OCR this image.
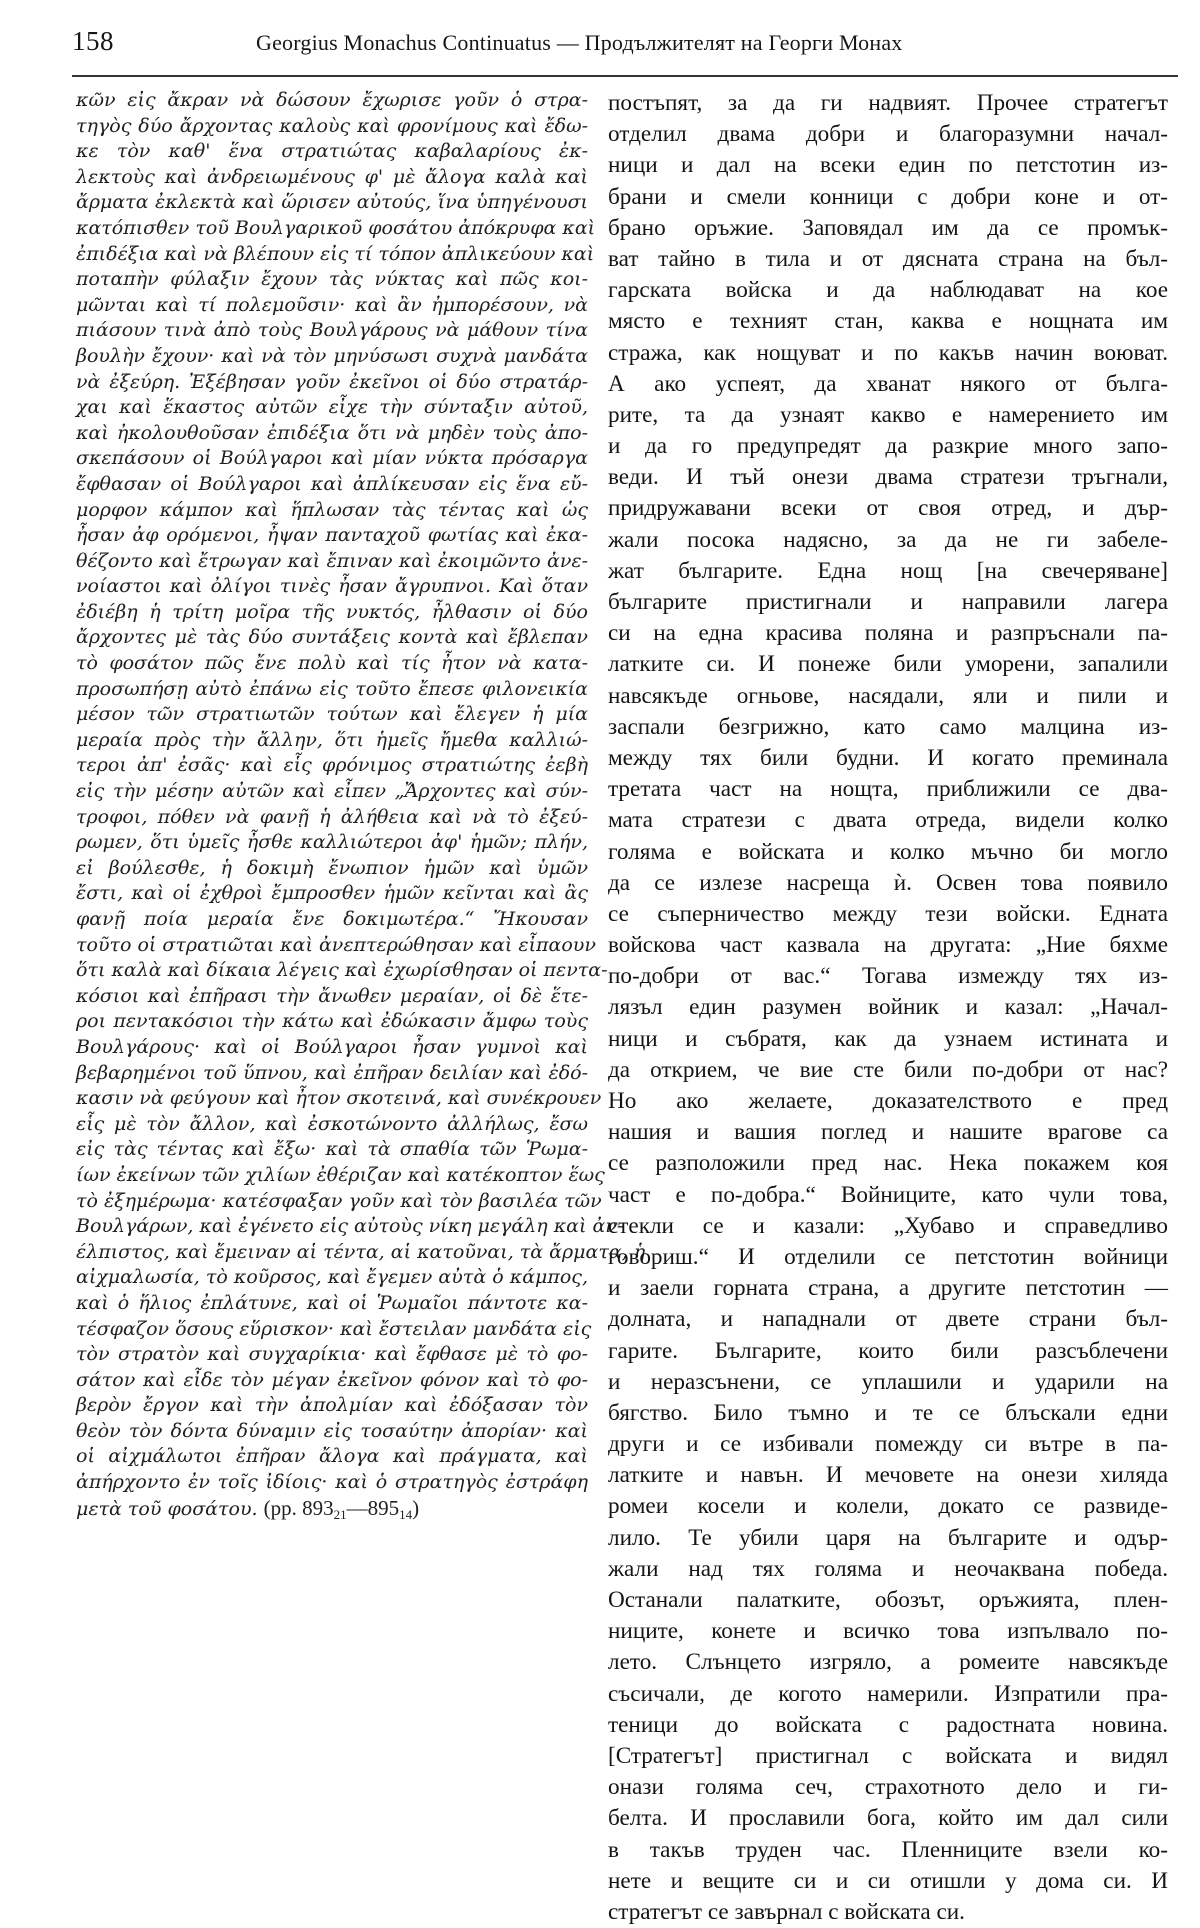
158	Georgius Monachus Continuatus — Продължителят на Георги Монах
κῶν εἰς ἄκραν νὰ δώσουν ἔχωρισε γοῦν ὁ στρα-
τηγὸς δύο ἄρχοντας καλοὺς καὶ φρονίμους καὶ ἔδω-
κε τὸν καθ' ἕνα στρατιώτας καβαλαρίους ἐκ-
λεκτοὺς καὶ ἀνδρειωμένους φ' μὲ ἄλογα καλὰ καὶ
ἄρματα ἐκλεκτὰ καὶ ὥρισεν αὐτούς, ἵνα ὑπηγένουσι
κατόπισθεν τοῦ Βουλγαρικοῦ φοσάτου ἀπόκρυφα καὶ
ἐπιδέξια καὶ νὰ βλέπουν εἰς τί τόπον ἀπλικεύουν καὶ
ποταπὴν φύλαξιν ἔχουν τὰς νύκτας καὶ πῶς κοι-
μῶνται καὶ τί πολεμοῦσιν· καὶ ἂν ἠμπορέσουν, νὰ
πιάσουν τινὰ ἀπὸ τοὺς Βουλγάρους νὰ μάθουν τίνα
βουλὴν ἔχουν· καὶ νὰ τὸν μηνύσωσι συχνὰ μανδάτα
νὰ ἐξεύρη. Ἐξέβησαν γοῦν ἐκεῖνοι οἱ δύο στρατάρ-
χαι καὶ ἕκαστος αὐτῶν εἶχε τὴν σύνταξιν αὐτοῦ,
καὶ ἠκολουθοῦσαν ἐπιδέξια ὅτι νὰ μηδὲν τοὺς ἀπο-
σκεπάσουν οἱ Βούλγαροι καὶ μίαν νύκτα πρόσαργα
ἔφθασαν οἱ Βούλγαροι καὶ ἀπλίκευσαν εἰς ἕνα εὔ-
μορφον κάμπον καὶ ἥπλωσαν τὰς τέντας καὶ ὡς
ἦσαν ἀφ ορόμενοι, ἦψαν πανταχοῦ φωτίας καὶ ἐκα-
θέζοντο καὶ ἔτρωγαν καὶ ἔπιναν καὶ ἐκοιμῶντο ἀνε-
νοίαστοι καὶ ὀλίγοι τινὲς ἦσαν ἄγρυπνοι. Καὶ ὅταν
ἐδιέβη ἡ τρίτη μοῖρα τῆς νυκτός, ἦλθασιν οἱ δύο
ἄρχοντες μὲ τὰς δύο συντάξεις κοντὰ καὶ ἔβλεπαν
τὸ φοσάτον πῶς ἔνε πολὺ καὶ τίς ἦτον νὰ κατα-
προσωπήσῃ αὐτὸ ἐπάνω εἰς τοῦτο ἔπεσε φιλονεικία
μέσον τῶν στρατιωτῶν τούτων καὶ ἔλεγεν ἡ μία
μεραία πρὸς τὴν ἄλλην, ὅτι ἡμεῖς ἤμεθα καλλιώ-
τεροι ἀπ' ἐσᾶς· καὶ εἷς φρόνιμος στρατιώτης ἐεβὴ
εἰς τὴν μέσην αὐτῶν καὶ εἶπεν „Ἄρχοντες καὶ σύν-
τροφοι, πόθεν νὰ φανῇ ἡ ἀλήθεια καὶ νὰ τὸ ἐξεύ-
ρωμεν, ὅτι ὑμεῖς ἦσθε καλλιώτεροι ἀφ' ἡμῶν; πλήν,
εἰ βούλεσθε, ἡ δοκιμὴ ἔνωπιον ἡμῶν καὶ ὑμῶν
ἔστι, καὶ οἱ ἐχθροὶ ἔμπροσθεν ἡμῶν κεῖνται καὶ ἂς
φανῇ ποία μεραία ἔνε δοκιμωτέρα.“ Ἤκουσαν
τοῦτο οἱ στρατιῶται καὶ ἀνεπτερώθησαν καὶ εἶπαουν
ὅτι καλὰ καὶ δίκαια λέγεις καὶ ἐχωρίσθησαν οἱ πεντα-
κόσιοι καὶ ἐπῆρασι τὴν ἄνωθεν μεραίαν, οἱ δὲ ἕτε-
ροι πεντακόσιοι τὴν κάτω καὶ ἐδώκασιν ἄμφω τοὺς
Βουλγάρους· καὶ οἱ Βούλγαροι ἦσαν γυμνοὶ καὶ
βεβαρημένοι τοῦ ὕπνου, καὶ ἐπῆραν δειλίαν καὶ ἐδό-
κασιν νὰ φεύγουν καὶ ἦτον σκοτεινά, καὶ συνέκρουεν
εἷς μὲ τὸν ἄλλον, καὶ ἐσκοτώνοντο ἀλλήλως, ἔσω
εἰς τὰς τέντας καὶ ἔξω· καὶ τὰ σπαθία τῶν Ῥωμα-
ίων ἐκείνων τῶν χιλίων ἐθέριζαν καὶ κατέκοπτον ἕως
τὸ ἐξημέρωμα· κατέσφαξαν γοῦν καὶ τὸν βασιλέα τῶν
Βουλγάρων, καὶ ἐγένετο εἰς αὐτοὺς νίκη μεγάλη καὶ ἀν-
έλπιστος, καὶ ἔμειναν αἱ τέντα, αἱ κατοῦναι, τὰ ἄρματα, ἡ
αἰχμαλωσία, τὸ κοῦρσος, καὶ ἔγεμεν αὐτὰ ὁ κάμπος,
καὶ ὁ ἥλιος ἐπλάτυνε, καὶ οἱ Ῥωμαῖοι πάντοτε κα-
τέσφαζον ὅσους εὕρισκον· καὶ ἔστειλαν μανδάτα εἰς
τὸν στρατὸν καὶ συγχαρίκια· καὶ ἔφθασε μὲ τὸ φο-
σάτον καὶ εἶδε τὸν μέγαν ἐκεῖνον φόνον καὶ τὸ φο-
βερὸν ἔργον καὶ τὴν ἀπολμίαν καὶ ἐδόξασαν τὸν
θεὸν τὸν δόντα δύναμιν εἰς τοσαύτην ἀπορίαν· καὶ
οἱ αἰχμάλωτοι ἐπῆραν ἄλογα καὶ πράγματα, καὶ
ἀπήρχοντο ἐν τοῖς ἰδίοις· καὶ ὁ στρατηγὸς ἐστράφη
μετὰ τοῦ φοσάτου. (pp. $893_{21}—895_{14}$)
постъпят, за да ги надвият. Прочее стратегът
отделил двама добри и благоразумни начал-
ници и дал на всеки един по петстотин из-
брани и смели конници с добри коне и от-
брано оръжие. Заповядал им да се промък-
ват тайно в тила и от дясната страна на бъл-
гарската войска и да наблюдават на кое
място е техният стан, каква е нощната им
стража, как нощуват и по какъв начин воюват.
А ако успеят, да хванат някого от бълга-
рите, та да узнаят какво е намерението им
и да го предупредят да разкрие много запо-
веди. И тъй онези двама стратези тръгнали,
придружавани всеки от своя отред, и дър-
жали посока надясно, за да не ги забеле-
жат българите. Една нощ [на свечеряване]
българите пристигнали и направили лагера
си на една красива поляна и разпръснали па-
латките си. И понеже били уморени, запалили
навсякъде огньове, насядали, яли и пили и
заспали безгрижно, като само малцина из-
между тях били будни. И когато преминала
третата част на нощта, приближили се два-
мата стратези с двата отреда, видели колко
голяма е войската и колко мъчно би могло
да се излезе насреща ѝ. Освен това появило
се съперничество между тези войски. Едната
войскова част казвала на другата: „Ние бяхме
по-добри от вас.“ Тогава измежду тях из-
лязъл един разумен войник и казал: „Начал-
ници и събратя, как да узнаем истината и
да открием, че вие сте били по-добри от нас?
Но ако желаете, доказателството е пред
нашия и вашия поглед и нашите врагове са
се разположили пред нас. Нека покажем коя
част е по-добра.“ Войниците, като чули това,
стекли се и казали: „Хубаво и справедливо
говориш.“ И отделили се петстотин войници
и заели горната страна, а другите петстотин —
долната, и нападнали от двете страни бъл-
гарите. Българите, които били разсъблечени
и неразсънени, се уплашили и ударили на
бягство. Било тъмно и те се блъскали едни
други и се избивали помежду си вътре в па-
латките и навън. И мечовете на онези хиляда
ромеи косели и колели, докато се развиде-
лило. Те убили царя на българите и одър-
жали над тях голяма и неочаквана победа.
Останали палатките, обозът, оръжията, плен-
ниците, конете и всичко това изпълвало по-
лето. Слънцето изгряло, а ромеите навсякъде
съсичали, де когото намерили. Изпратили пра-
теници до войската с радостната новина.
[Стратегът] пристигнал с войската и видял
онази голяма сеч, страхотното дело и ги-
белта. И прославили бога, който им дал сили
в такъв труден час. Пленниците взели ко-
нете и вещите си и си отишли у дома си. И
стратегът се завърнал с войската си.
